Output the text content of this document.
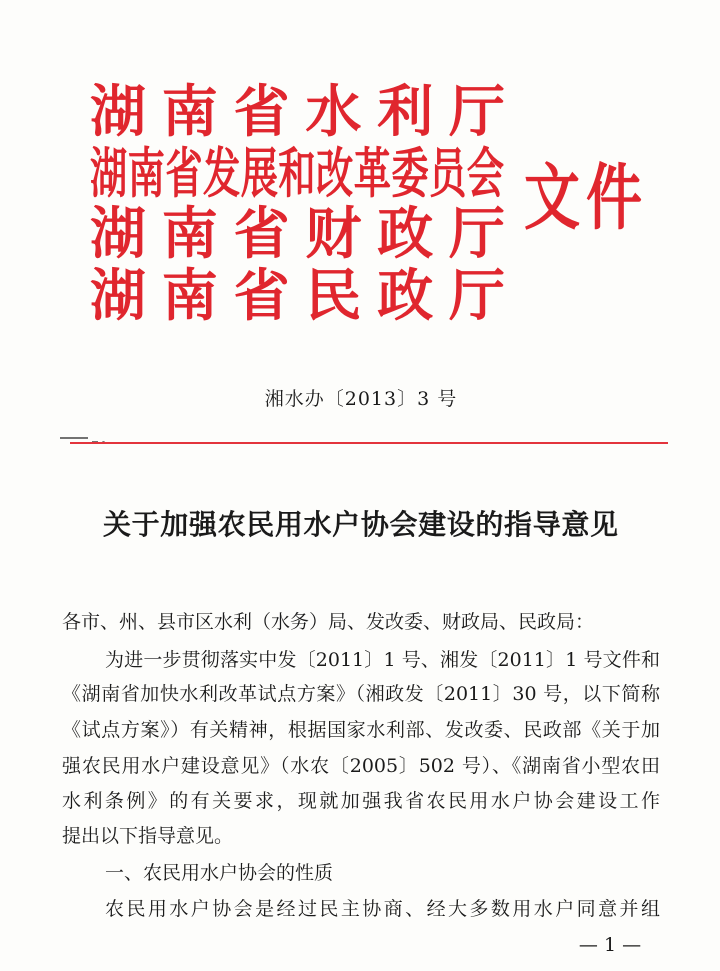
湖南省水利厅
湖南省发展和改革委员会
湖南省财政厅
湖南省民政厅
文件
湘水办〔2013〕3 号
关于加强农民用水户协会建设的指导意见
各市、州、县市区水利（水务）局、发改委、财政局、民政局：
为进一步贯彻落实中发〔2011〕1 号、湘发〔2011〕1 号文件和
《湖南省加快水利改革试点方案》（湘政发〔2011〕30 号，以下简称
《试点方案》）有关精神，根据国家水利部、发改委、民政部《关于加
强农民用水户建设意见》（水农〔2005〕502 号）、《湖南省小型农田
水利条例》的有关要求，现就加强我省农民用水户协会建设工作
提出以下指导意见。
一、农民用水户协会的性质
农民用水户协会是经过民主协商、经大多数用水户同意并组
— 1 —
